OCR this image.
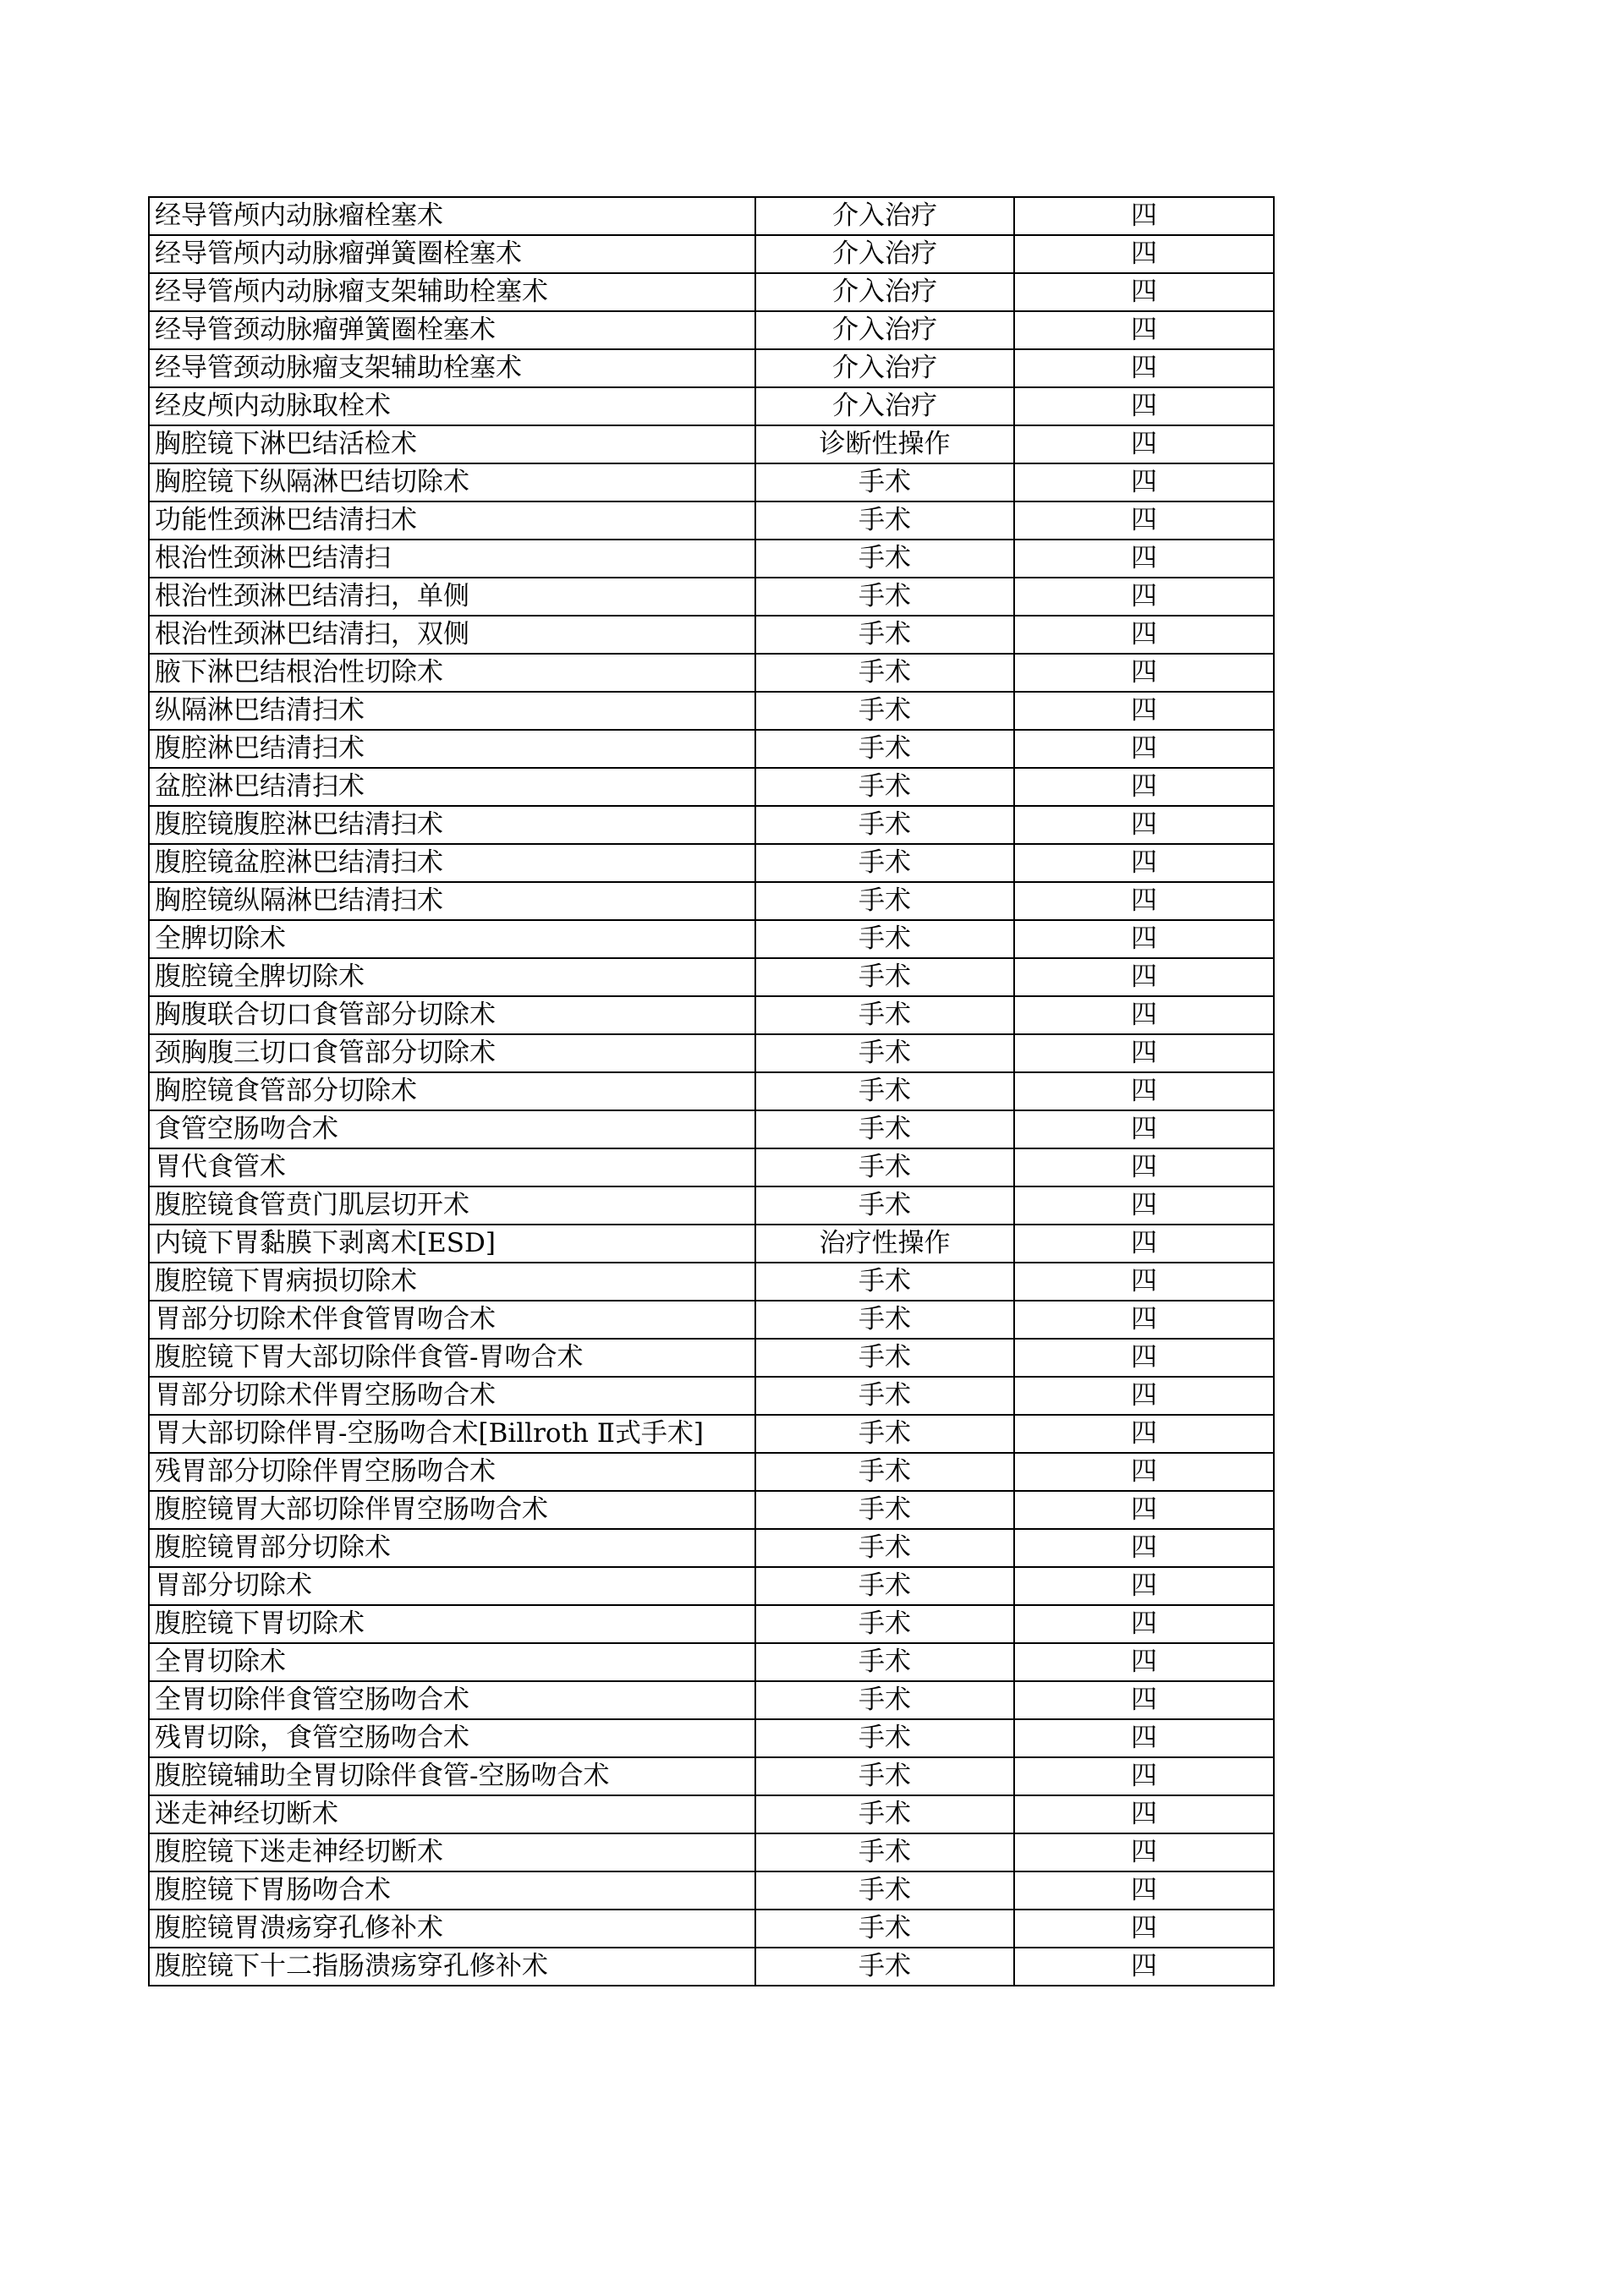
经导管颅内动脉瘤栓塞术	介入治疗	四
经导管颅内动脉瘤弹簧圈栓塞术	介入治疗	四
经导管颅内动脉瘤支架辅助栓塞术	介入治疗	四
经导管颈动脉瘤弹簧圈栓塞术	介入治疗	四
经导管颈动脉瘤支架辅助栓塞术	介入治疗	四
经皮颅内动脉取栓术	介入治疗	四
胸腔镜下淋巴结活检术	诊断性操作	四
胸腔镜下纵隔淋巴结切除术	手术	四
功能性颈淋巴结清扫术	手术	四
根治性颈淋巴结清扫	手术	四
根治性颈淋巴结清扫，单侧	手术	四
根治性颈淋巴结清扫，双侧	手术	四
腋下淋巴结根治性切除术	手术	四
纵隔淋巴结清扫术	手术	四
腹腔淋巴结清扫术	手术	四
盆腔淋巴结清扫术	手术	四
腹腔镜腹腔淋巴结清扫术	手术	四
腹腔镜盆腔淋巴结清扫术	手术	四
胸腔镜纵隔淋巴结清扫术	手术	四
全脾切除术	手术	四
腹腔镜全脾切除术	手术	四
胸腹联合切口食管部分切除术	手术	四
颈胸腹三切口食管部分切除术	手术	四
胸腔镜食管部分切除术	手术	四
食管空肠吻合术	手术	四
胃代食管术	手术	四
腹腔镜食管贲门肌层切开术	手术	四
内镜下胃黏膜下剥离术[ESD]	治疗性操作	四
腹腔镜下胃病损切除术	手术	四
胃部分切除术伴食管胃吻合术	手术	四
腹腔镜下胃大部切除伴食管-胃吻合术	手术	四
胃部分切除术伴胃空肠吻合术	手术	四
胃大部切除伴胃-空肠吻合术[Billroth Ⅱ式手术]	手术	四
残胃部分切除伴胃空肠吻合术	手术	四
腹腔镜胃大部切除伴胃空肠吻合术	手术	四
腹腔镜胃部分切除术	手术	四
胃部分切除术	手术	四
腹腔镜下胃切除术	手术	四
全胃切除术	手术	四
全胃切除伴食管空肠吻合术	手术	四
残胃切除，食管空肠吻合术	手术	四
腹腔镜辅助全胃切除伴食管-空肠吻合术	手术	四
迷走神经切断术	手术	四
腹腔镜下迷走神经切断术	手术	四
腹腔镜下胃肠吻合术	手术	四
腹腔镜胃溃疡穿孔修补术	手术	四
腹腔镜下十二指肠溃疡穿孔修补术	手术	四
